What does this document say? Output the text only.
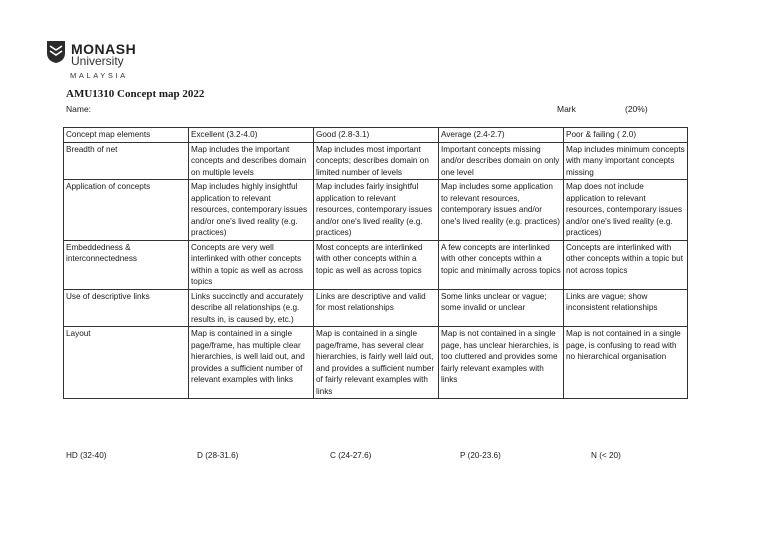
MONASH
University
MALAYSIA
AMU1310 Concept map 2022
Name:	Mark	(20%)
Concept map elements	Excellent (3.2-4.0)	Good (2.8-3.1)	Average (2.4-2.7)	Poor & failing ( 2.0)
Breadth of net	Map includes the important concepts and describes domain on multiple levels	Map includes most important concepts; describes domain on limited number of levels	Important concepts missing and/or describes domain on only one level	Map includes minimum concepts with many important concepts missing
Application of concepts	Map includes highly insightful application to relevant resources, contemporary issues and/or one's lived reality (e.g. practices)	Map includes fairly insightful application to relevant resources, contemporary issues and/or one's lived reality (e.g. practices)	Map includes some application to relevant resources, contemporary issues and/or one's lived reality (e.g. practices)	Map does not include application to relevant resources, contemporary issues and/or one's lived reality (e.g. practices)
Embeddedness & interconnectedness	Concepts are very well interlinked with other concepts within a topic as well as across topics	Most concepts are interlinked with other concepts within a topic as well as across topics	A few concepts are interlinked with other concepts within a topic and minimally across topics	Concepts are interlinked with other concepts within a topic but not across topics
Use of descriptive links	Links succinctly and accurately describe all relationships (e.g. results in, is caused by, etc.)	Links are descriptive and valid for most relationships	Some links unclear or vague; some invalid or unclear	Links are vague; show inconsistent relationships
Layout	Map is contained in a single page/frame, has multiple clear hierarchies, is well laid out, and provides a sufficient number of relevant examples with links	Map is contained in a single page/frame, has several clear hierarchies, is fairly well laid out, and provides a sufficient number of fairly relevant examples with links	Map is not contained in a single page, has unclear hierarchies, is too cluttered and provides some fairly relevant examples with links	Map is not contained in a single page, is confusing to read with no hierarchical organisation
HD (32-40)	D (28-31.6)	C (24-27.6)	P (20-23.6)	N (< 20)
